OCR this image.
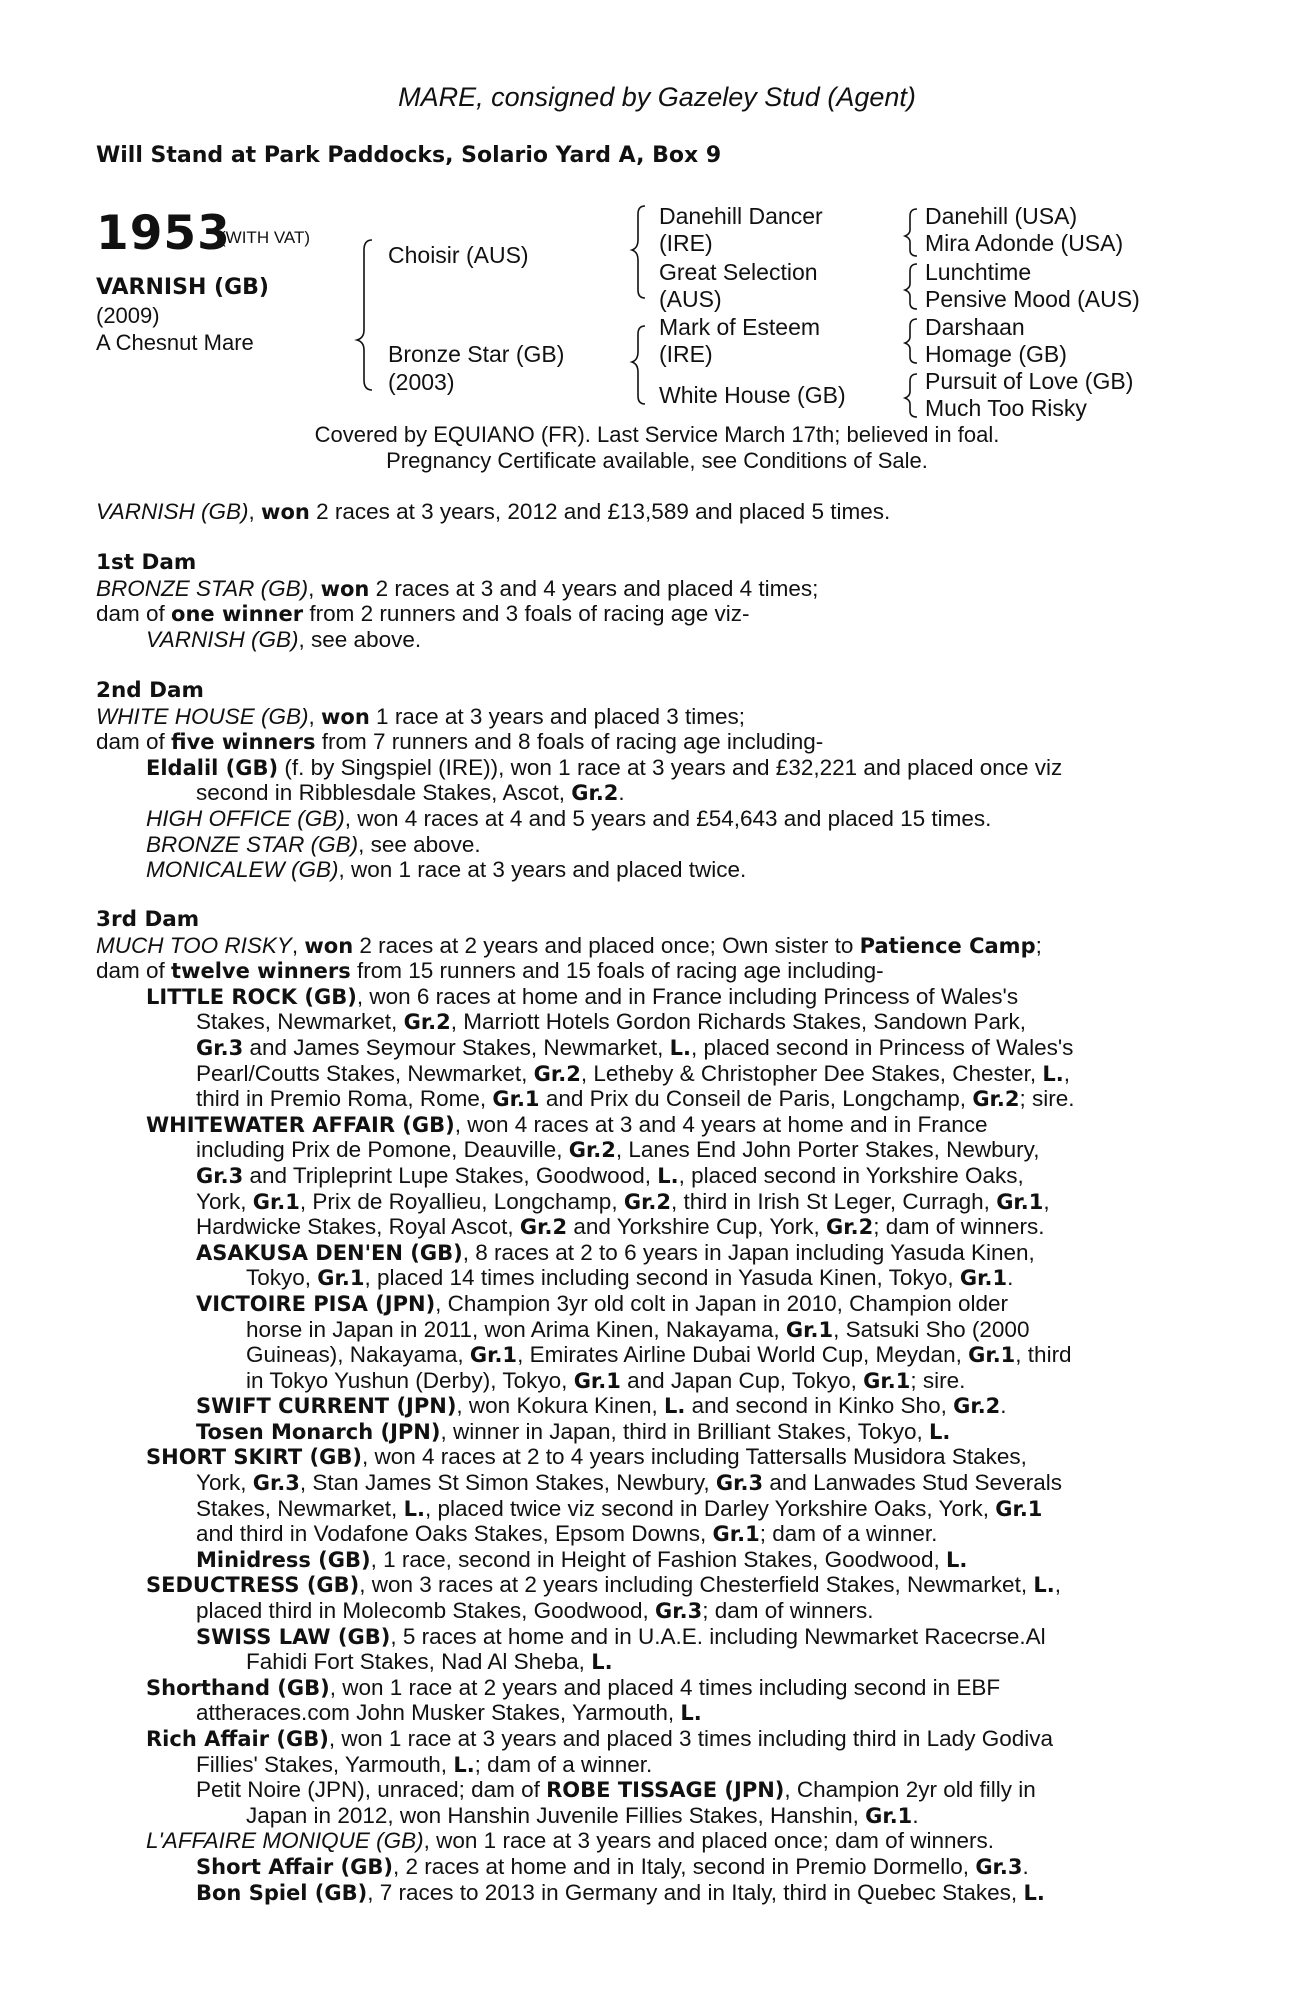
MARE, consigned by Gazeley Stud (Agent)
Will Stand at Park Paddocks, Solario Yard A, Box 9
1953
(WITH VAT)
VARNISH (GB)
(2009)
A Chesnut Mare
Choisir (AUS)
Bronze Star (GB)
(2003)
Danehill Dancer
(IRE)
Great Selection
(AUS)
Mark of Esteem
(IRE)
White House (GB)
Danehill (USA)
Mira Adonde (USA)
Lunchtime
Pensive Mood (AUS)
Darshaan
Homage (GB)
Pursuit of Love (GB)
Much Too Risky
Covered by EQUIANO (FR). Last Service March 17th; believed in foal.
Pregnancy Certificate available, see Conditions of Sale.
VARNISH (GB), won 2 races at 3 years, 2012 and £13,589 and placed 5 times.
1st Dam
BRONZE STAR (GB), won 2 races at 3 and 4 years and placed 4 times;
dam of one winner from 2 runners and 3 foals of racing age viz-
VARNISH (GB), see above.
2nd Dam
WHITE HOUSE (GB), won 1 race at 3 years and placed 3 times;
dam of five winners from 7 runners and 8 foals of racing age including-
Eldalil (GB) (f. by Singspiel (IRE)), won 1 race at 3 years and £32,221 and placed once viz
second in Ribblesdale Stakes, Ascot, Gr.2.
HIGH OFFICE (GB), won 4 races at 4 and 5 years and £54,643 and placed 15 times.
BRONZE STAR (GB), see above.
MONICALEW (GB), won 1 race at 3 years and placed twice.
3rd Dam
MUCH TOO RISKY, won 2 races at 2 years and placed once; Own sister to Patience Camp;
dam of twelve winners from 15 runners and 15 foals of racing age including-
LITTLE ROCK (GB), won 6 races at home and in France including Princess of Wales's
Stakes, Newmarket, Gr.2, Marriott Hotels Gordon Richards Stakes, Sandown Park,
Gr.3 and James Seymour Stakes, Newmarket, L., placed second in Princess of Wales's
Pearl/Coutts Stakes, Newmarket, Gr.2, Letheby & Christopher Dee Stakes, Chester, L.,
third in Premio Roma, Rome, Gr.1 and Prix du Conseil de Paris, Longchamp, Gr.2; sire.
WHITEWATER AFFAIR (GB), won 4 races at 3 and 4 years at home and in France
including Prix de Pomone, Deauville, Gr.2, Lanes End John Porter Stakes, Newbury,
Gr.3 and Tripleprint Lupe Stakes, Goodwood, L., placed second in Yorkshire Oaks,
York, Gr.1, Prix de Royallieu, Longchamp, Gr.2, third in Irish St Leger, Curragh, Gr.1,
Hardwicke Stakes, Royal Ascot, Gr.2 and Yorkshire Cup, York, Gr.2; dam of winners.
ASAKUSA DEN'EN (GB), 8 races at 2 to 6 years in Japan including Yasuda Kinen,
Tokyo, Gr.1, placed 14 times including second in Yasuda Kinen, Tokyo, Gr.1.
VICTOIRE PISA (JPN), Champion 3yr old colt in Japan in 2010, Champion older
horse in Japan in 2011, won Arima Kinen, Nakayama, Gr.1, Satsuki Sho (2000
Guineas), Nakayama, Gr.1, Emirates Airline Dubai World Cup, Meydan, Gr.1, third
in Tokyo Yushun (Derby), Tokyo, Gr.1 and Japan Cup, Tokyo, Gr.1; sire.
SWIFT CURRENT (JPN), won Kokura Kinen, L. and second in Kinko Sho, Gr.2.
Tosen Monarch (JPN), winner in Japan, third in Brilliant Stakes, Tokyo, L.
SHORT SKIRT (GB), won 4 races at 2 to 4 years including Tattersalls Musidora Stakes,
York, Gr.3, Stan James St Simon Stakes, Newbury, Gr.3 and Lanwades Stud Severals
Stakes, Newmarket, L., placed twice viz second in Darley Yorkshire Oaks, York, Gr.1
and third in Vodafone Oaks Stakes, Epsom Downs, Gr.1; dam of a winner.
Minidress (GB), 1 race, second in Height of Fashion Stakes, Goodwood, L.
SEDUCTRESS (GB), won 3 races at 2 years including Chesterfield Stakes, Newmarket, L.,
placed third in Molecomb Stakes, Goodwood, Gr.3; dam of winners.
SWISS LAW (GB), 5 races at home and in U.A.E. including Newmarket Racecrse.Al
Fahidi Fort Stakes, Nad Al Sheba, L.
Shorthand (GB), won 1 race at 2 years and placed 4 times including second in EBF
attheraces.com John Musker Stakes, Yarmouth, L.
Rich Affair (GB), won 1 race at 3 years and placed 3 times including third in Lady Godiva
Fillies' Stakes, Yarmouth, L.; dam of a winner.
Petit Noire (JPN), unraced; dam of ROBE TISSAGE (JPN), Champion 2yr old filly in
Japan in 2012, won Hanshin Juvenile Fillies Stakes, Hanshin, Gr.1.
L'AFFAIRE MONIQUE (GB), won 1 race at 3 years and placed once; dam of winners.
Short Affair (GB), 2 races at home and in Italy, second in Premio Dormello, Gr.3.
Bon Spiel (GB), 7 races to 2013 in Germany and in Italy, third in Quebec Stakes, L.
